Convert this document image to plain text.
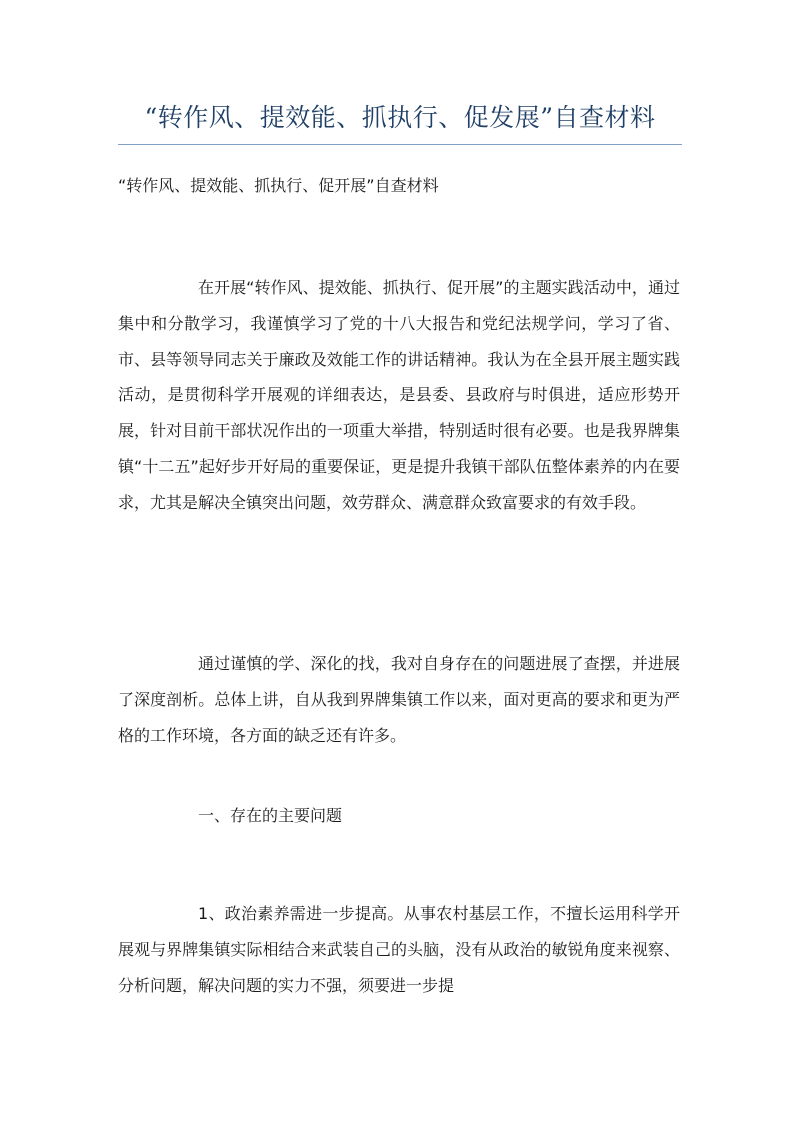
“转作风、提效能、抓执行、促发展”自查材料
“转作风、提效能、抓执行、促开展”自查材料

在开展“转作风、提效能、抓执行、促开展”的主题实践活动中，通过集中和分散学习，我谨慎学习了党的十八大报告和党纪法规学问，学习了省、市、县等领导同志关于廉政及效能工作的讲话精神。我认为在全县开展主题实践活动，是贯彻科学开展观的详细表达，是县委、县政府与时俱进，适应形势开展，针对目前干部状况作出的一项重大举措，特别适时很有必要。也是我界牌集镇“十二五”起好步开好局的重要保证，更是提升我镇干部队伍整体素养的内在要求，尤其是解决全镇突出问题，效劳群众、满意群众致富要求的有效手段。

通过谨慎的学、深化的找，我对自身存在的问题进展了查摆，并进展了深度剖析。总体上讲，自从我到界牌集镇工作以来，面对更高的要求和更为严格的工作环境，各方面的缺乏还有许多。

一、存在的主要问题

1、政治素养需进一步提高。从事农村基层工作，不擅长运用科学开展观与界牌集镇实际相结合来武装自己的头脑，没有从政治的敏锐角度来视察、分析问题，解决问题的实力不强，须要进一步提
